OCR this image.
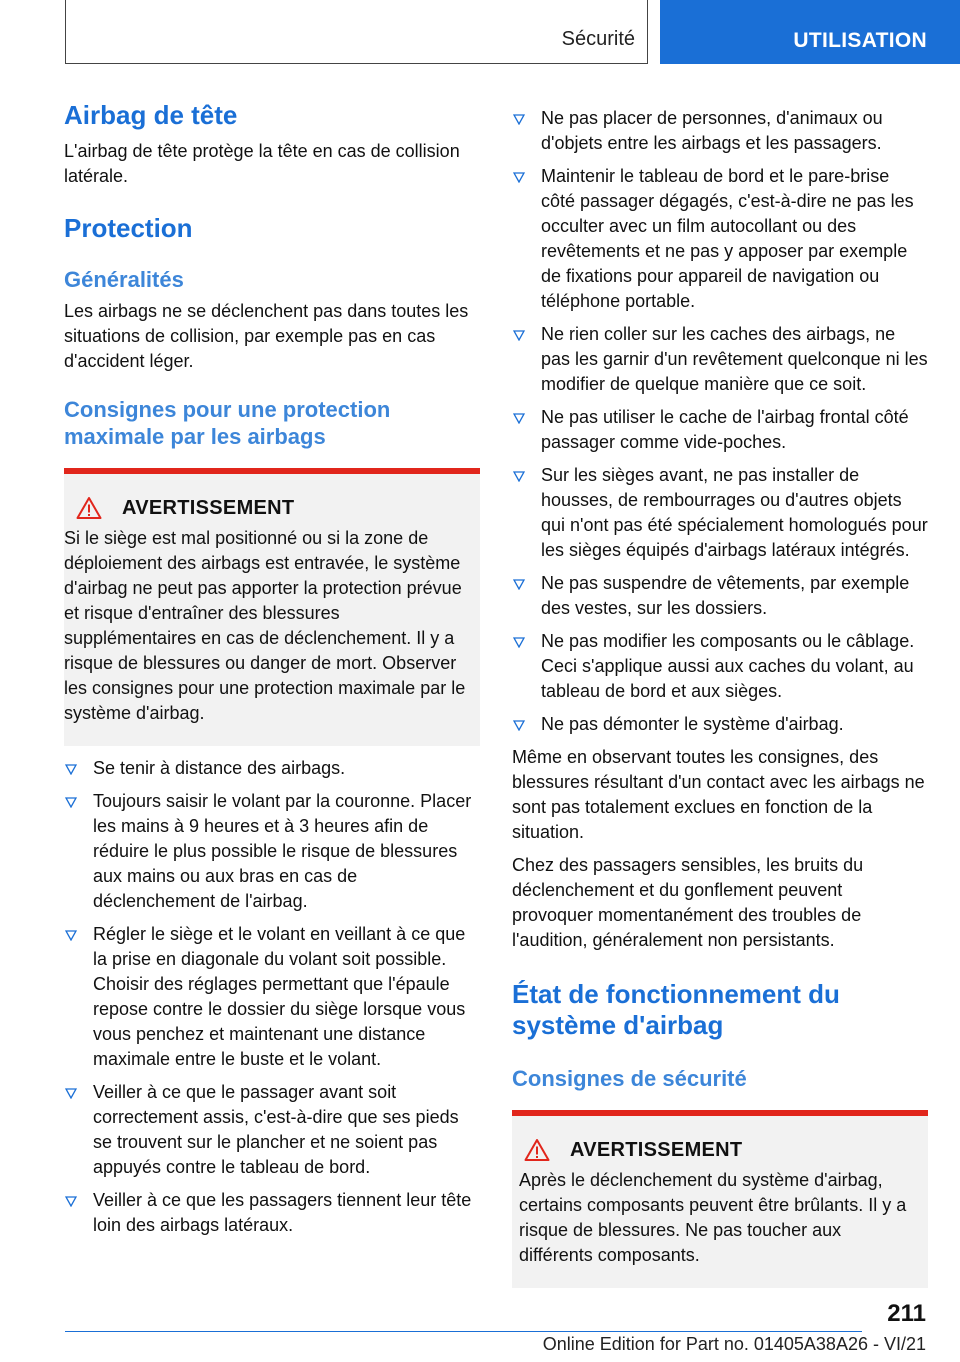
Sécurité	UTILISATION
Airbag de tête

L'airbag de tête protège la tête en cas de collision latérale.

Protection
Généralités

Les airbags ne se déclenchent pas dans toutes les situations de collision, par exemple pas en cas d'accident léger.

Consignes pour une protection maximale par les airbags
AVERTISSEMENT

Si le siège est mal positionné ou si la zone de déploiement des airbags est entravée, le système d'airbag ne peut pas apporter la protection prévue et risque d'entraîner des blessures supplémentaires en cas de déclenchement. Il y a risque de blessures ou danger de mort. Observer les consignes pour une protection maximale par le système d'airbag.

Se tenir à distance des airbags.
Toujours saisir le volant par la couronne. Placer les mains à 9 heures et à 3 heures afin de réduire le plus possible le risque de blessures aux mains ou aux bras en cas de déclenchement de l'airbag.
Régler le siège et le volant en veillant à ce que la prise en diagonale du volant soit possible. Choisir des réglages permettant que l'épaule repose contre le dossier du siège lorsque vous vous penchez et maintenant une distance maximale entre le buste et le volant.
Veiller à ce que le passager avant soit correctement assis, c'est-à-dire que ses pieds se trouvent sur le plancher et ne soient pas appuyés contre le tableau de bord.
Veiller à ce que les passagers tiennent leur tête loin des airbags latéraux.
Ne pas placer de personnes, d'animaux ou d'objets entre les airbags et les passagers.
Maintenir le tableau de bord et le pare-brise côté passager dégagés, c'est-à-dire ne pas les occulter avec un film autocollant ou des revêtements et ne pas y apposer par exemple de fixations pour appareil de navigation ou téléphone portable.
Ne rien coller sur les caches des airbags, ne pas les garnir d'un revêtement quelconque ni les modifier de quelque manière que ce soit.
Ne pas utiliser le cache de l'airbag frontal côté passager comme vide-poches.
Sur les sièges avant, ne pas installer de housses, de rembourrages ou d'autres objets qui n'ont pas été spécialement homologués pour les sièges équipés d'airbags latéraux intégrés.
Ne pas suspendre de vêtements, par exemple des vestes, sur les dossiers.
Ne pas modifier les composants ou le câblage. Ceci s'applique aussi aux caches du volant, au tableau de bord et aux sièges.
Ne pas démonter le système d'airbag.

Même en observant toutes les consignes, des blessures résultant d'un contact avec les airbags ne sont pas totalement exclues en fonction de la situation.

Chez des passagers sensibles, les bruits du déclenchement et du gonflement peuvent provoquer momentanément des troubles de l'audition, généralement non persistants.

État de fonctionnement du système d'airbag
Consignes de sécurité
AVERTISSEMENT

Après le déclenchement du système d'airbag, certains composants peuvent être brûlants. Il y a risque de blessures. Ne pas toucher aux différents composants.

211
Online Edition for Part no. 01405A38A26 - VI/21
